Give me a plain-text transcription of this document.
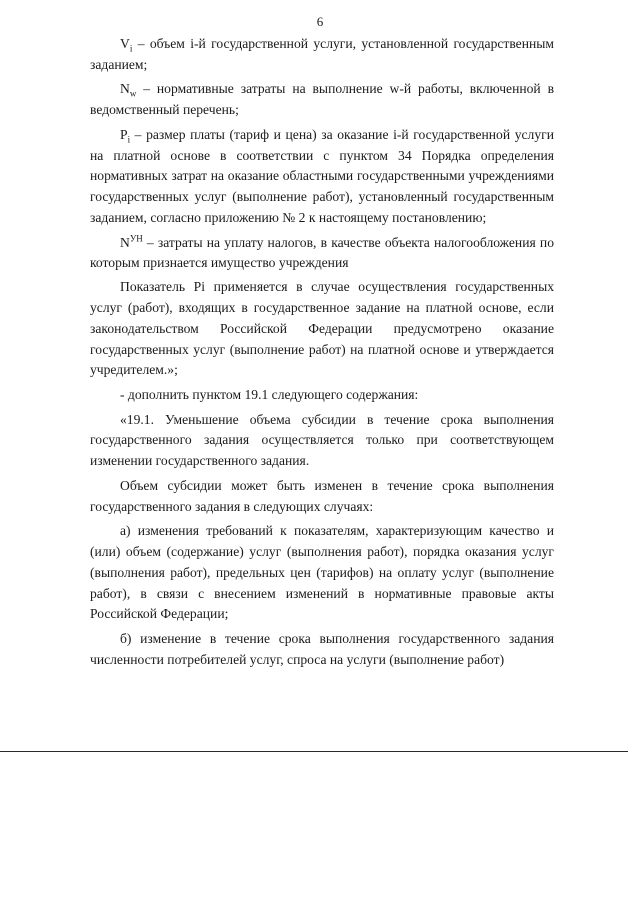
6

$V_i$ – объем i-й государственной услуги, установленной государственным заданием;

$N_w$ – нормативные затраты на выполнение w-й работы, включенной в ведомственный перечень;

$P_i$ – размер платы (тариф и цена) за оказание i-й государственной услуги на платной основе в соответствии с пунктом 34 Порядка определения нормативных затрат на оказание областными государственными учреждениями государственных услуг (выполнение работ), установленный государственным заданием, согласно приложению № 2 к настоящему постановлению;

$N^{УН}$ – затраты на уплату налогов, в качестве объекта налогообложения по которым признается имущество учреждения

Показатель Pi применяется в случае осуществления государственных услуг (работ), входящих в государственное задание на платной основе, если законодательством Российской Федерации предусмотрено оказание государственных услуг (выполнение работ) на платной основе и утверждается учредителем.»;

- дополнить пунктом 19.1 следующего содержания:

«19.1. Уменьшение объема субсидии в течение срока выполнения государственного задания осуществляется только при соответствующем изменении государственного задания.

Объем субсидии может быть изменен в течение срока выполнения государственного задания в следующих случаях:

а) изменения требований к показателям, характеризующим качество и (или) объем (содержание) услуг (выполнения работ), порядка оказания услуг (выполнения работ), предельных цен (тарифов) на оплату услуг (выполнение работ), в связи с внесением изменений в нормативные правовые акты Российской Федерации;

б) изменение в течение срока выполнения государственного задания численности потребителей услуг, спроса на услуги (выполнение работ)
